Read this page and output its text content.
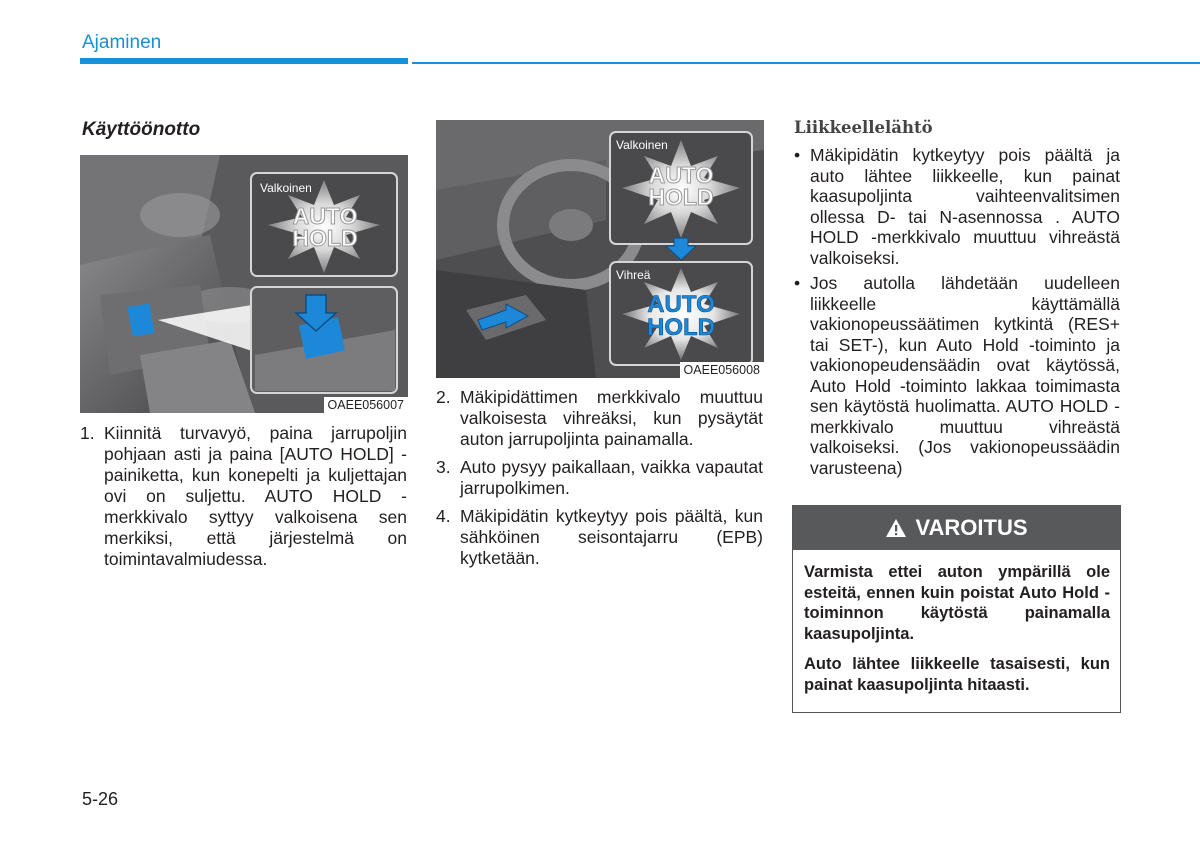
Ajaminen
Käyttöönotto
Valkoinen
AUTO
HOLD
OAEE056007
1. Kiinnitä turvavyö, paina jarrupoljin pohjaan asti ja paina [AUTO HOLD] -painiketta, kun konepelti ja kuljettajan ovi on suljettu. AUTO HOLD -merkkivalo syttyy valkoisena sen merkiksi, että järjestelmä on toimintavalmiudessa.
Valkoinen
AUTO
HOLD
Vihreä
AUTO
HOLD
OAEE056008
2. Mäkipidättimen merkkivalo muuttuu valkoisesta vihreäksi, kun pysäytät auton jarrupoljinta painamalla.
3. Auto pysyy paikallaan, vaikka vapautat jarrupolkimen.
4. Mäkipidätin kytkeytyy pois päältä, kun sähköinen seisontajarru (EPB) kytketään.
Liikkeellelähtö
• Mäkipidätin kytkeytyy pois päältä ja auto lähtee liikkeelle, kun painat kaasupoljinta vaihteenvalitsimen ollessa D- tai N-asennossa . AUTO HOLD -merkkivalo muuttuu vihreästä valkoiseksi.
• Jos autolla lähdetään uudelleen liikkeelle käyttämällä vakionopeussäätimen kytkintä (RES+ tai SET-), kun Auto Hold -toiminto ja vakionopeudensäädin ovat käytössä, Auto Hold -toiminto lakkaa toimimasta sen käytöstä huolimatta. AUTO HOLD -merkkivalo muuttuu vihreästä valkoiseksi. (Jos vakionopeussäädin varusteena)
VAROITUS

Varmista ettei auton ympärillä ole esteitä, ennen kuin poistat Auto Hold -toiminnon käytöstä painamalla kaasupoljinta.

Auto lähtee liikkeelle tasaisesti, kun painat kaasupoljinta hitaasti.

5-26
